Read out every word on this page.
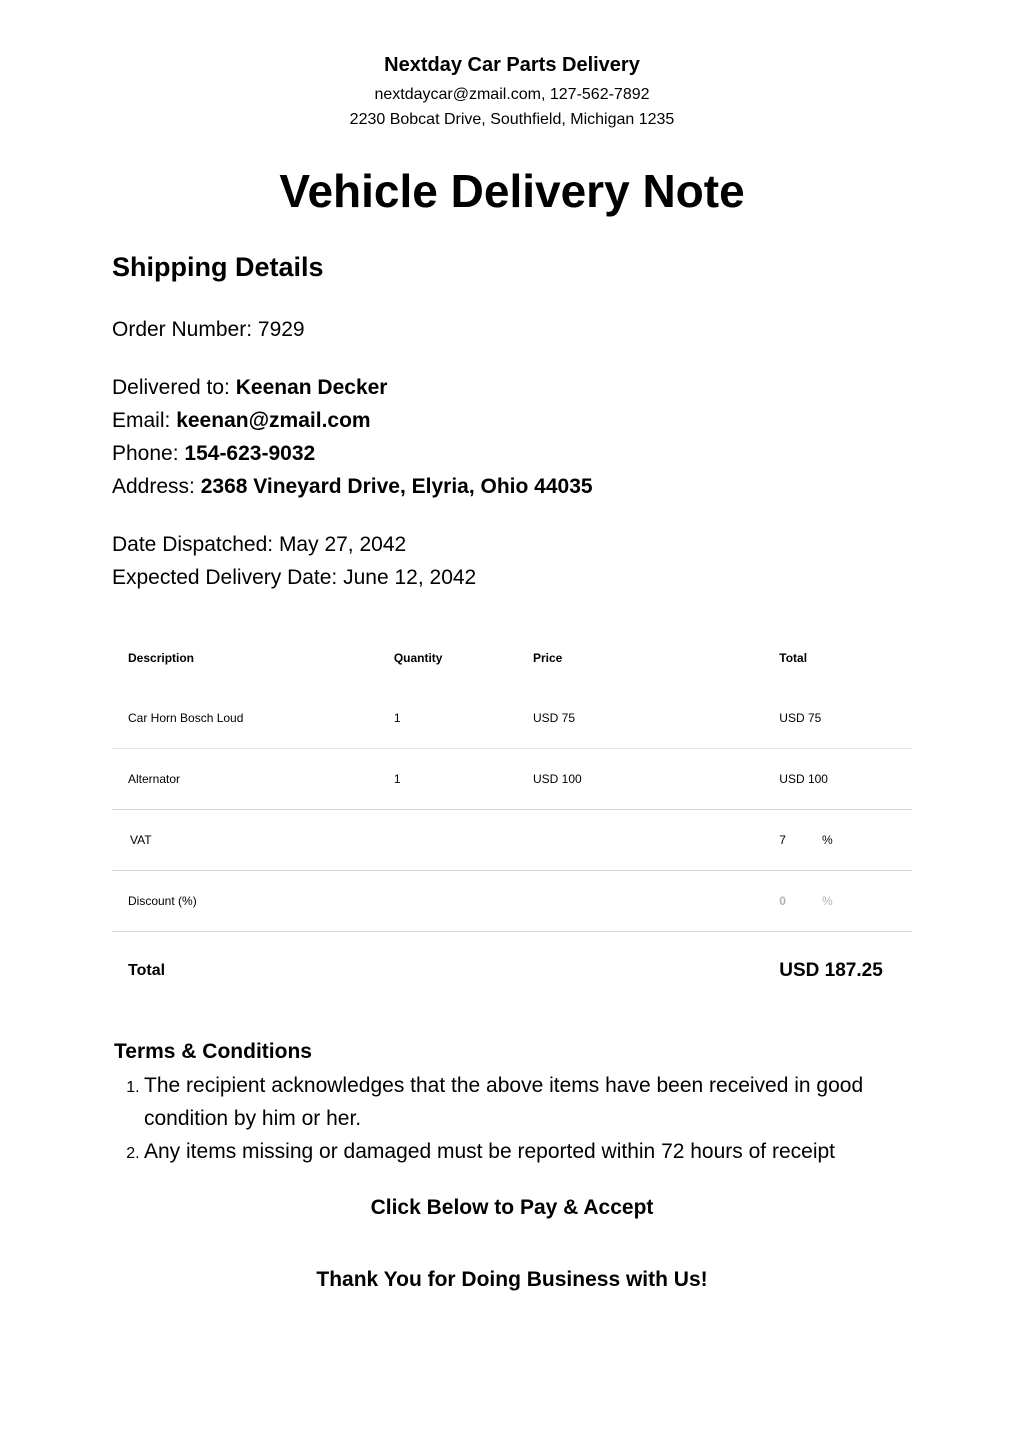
Nextday Car Parts Delivery
nextdaycar@zmail.com, 127-562-7892
2230 Bobcat Drive, Southfield, Michigan 1235
Vehicle Delivery Note
Shipping Details
Order Number: 7929
Delivered to: Keenan Decker
Email: keenan@zmail.com
Phone: 154-623-9032
Address: 2368 Vineyard Drive, Elyria, Ohio 44035
Date Dispatched: May 27, 2042
Expected Delivery Date: June 12, 2042
Description	Quantity	Price	Total
Car Horn Bosch Loud	1	USD 75	USD 75
Alternator	1	USD 100	USD 100
VAT			7 %
Discount (%)			0 %
Total			USD 187.25
Terms & Conditions
1. The recipient acknowledges that the above items have been received in good condition by him or her.
2. Any items missing or damaged must be reported within 72 hours of receipt
Click Below to Pay & Accept
Thank You for Doing Business with Us!
